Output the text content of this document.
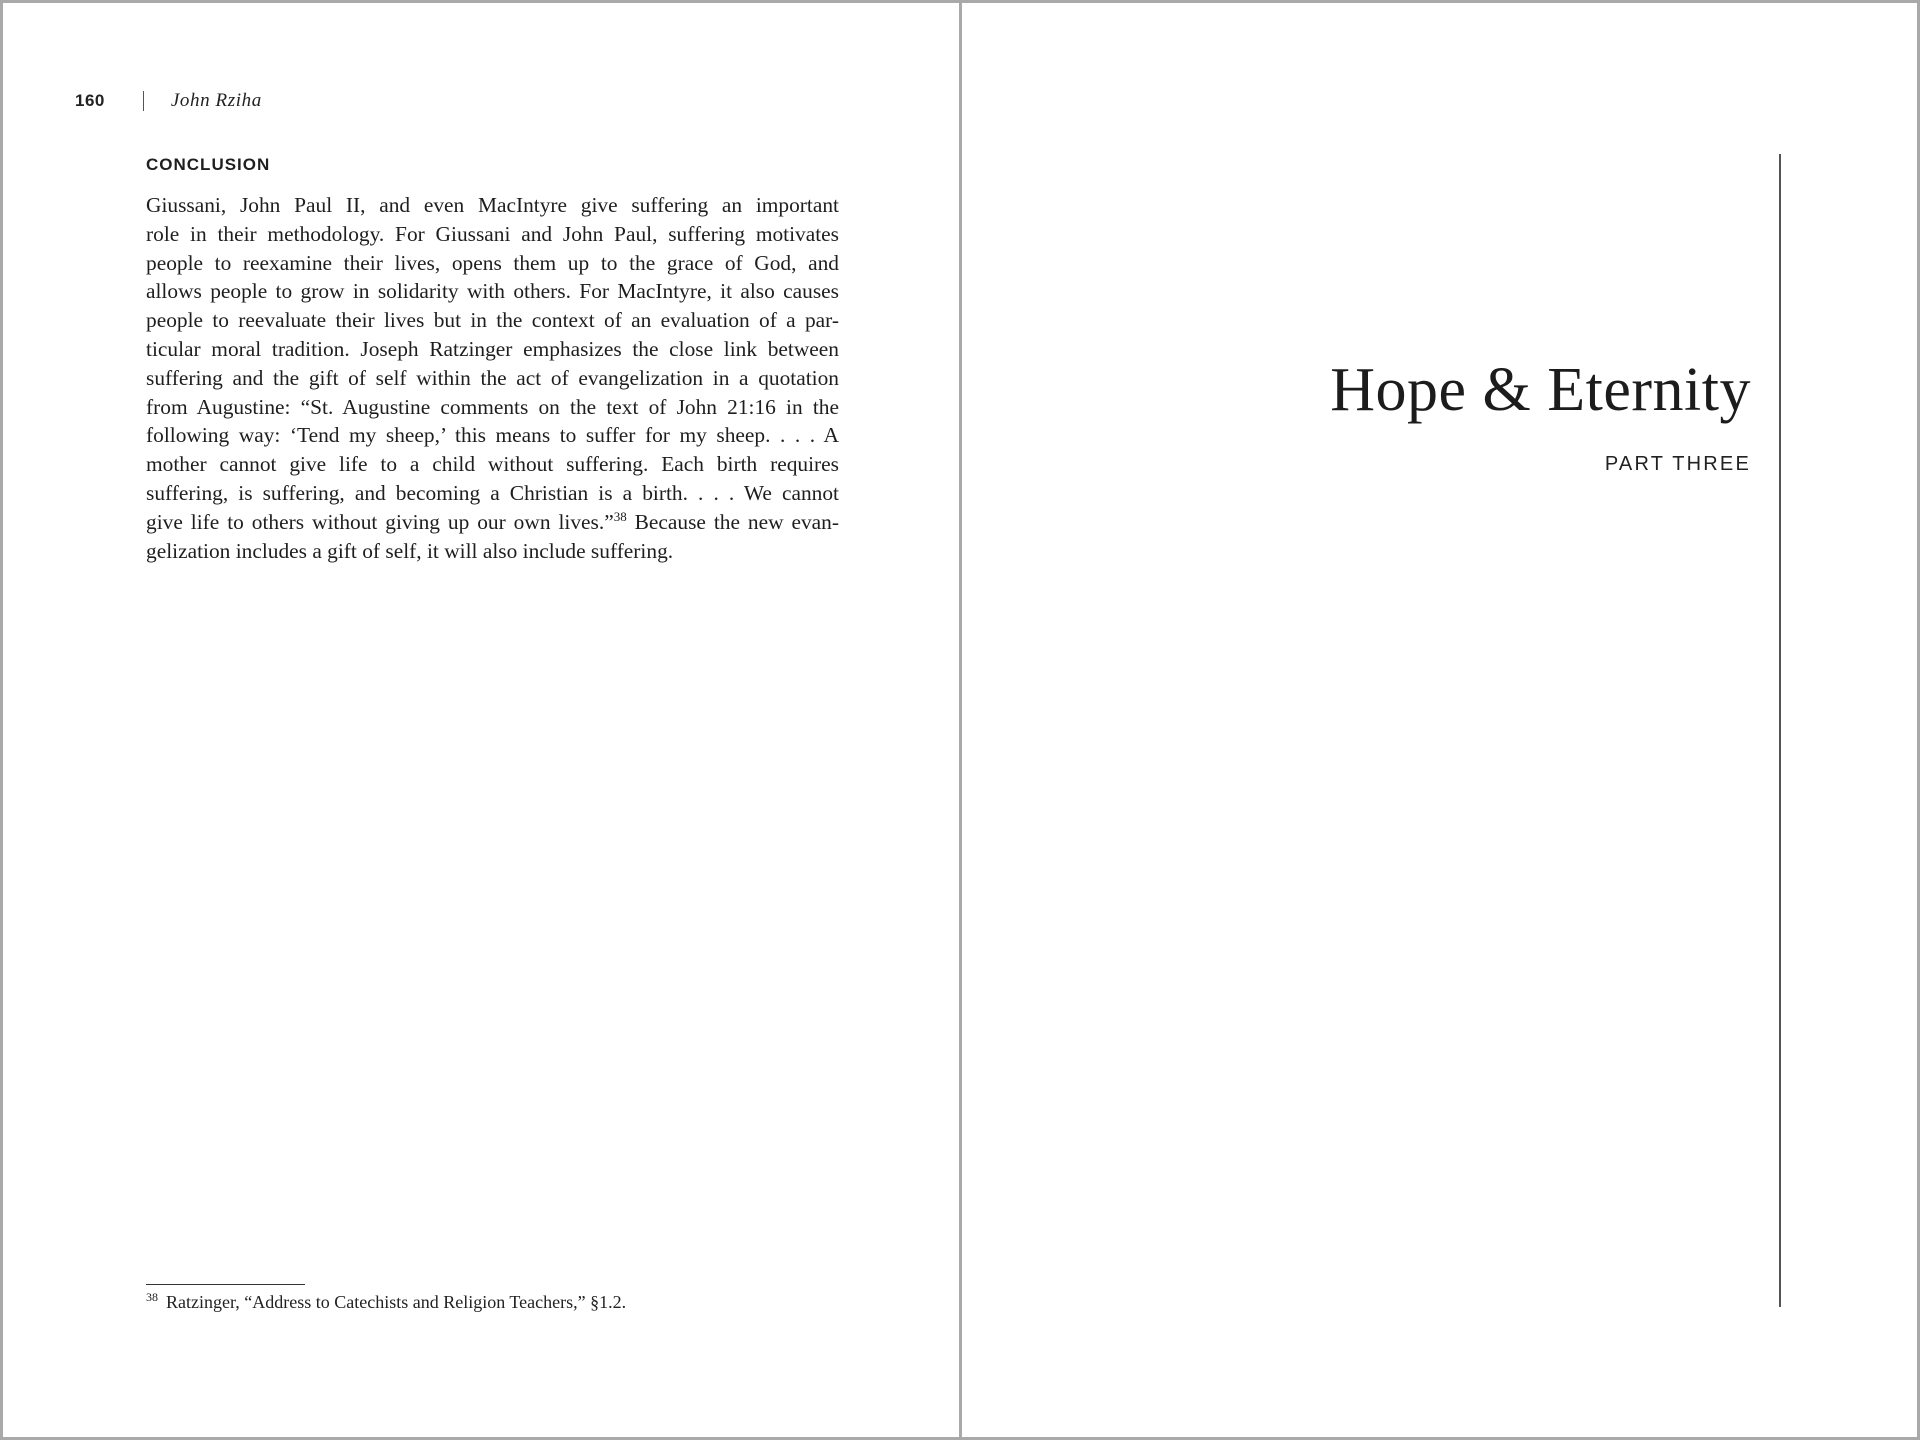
160	John Rziha
CONCLUSION
Giussani, John Paul II, and even MacIntyre give suffering an important
role in their methodology. For Giussani and John Paul, suffering motivates
people to reexamine their lives, opens them up to the grace of God, and
allows people to grow in solidarity with others. For MacIntyre, it also causes
people to reevaluate their lives but in the context of an evaluation of a par-
ticular moral tradition. Joseph Ratzinger emphasizes the close link between
suffering and the gift of self within the act of evangelization in a quotation
from Augustine: “St. Augustine comments on the text of John 21:16 in the
following way: ‘Tend my sheep,’ this means to suffer for my sheep. . . . A
mother cannot give life to a child without suffering. Each birth requires
suffering, is suffering, and becoming a Christian is a birth. . . . We cannot
give life to others without giving up our own lives.”$^{38}$ Because the new evan-
gelization includes a gift of self, it will also include suffering.
$^{38}$ Ratzinger, “Address to Catechists and Religion Teachers,” §1.2.
Hope & Eternity
PART THREE
